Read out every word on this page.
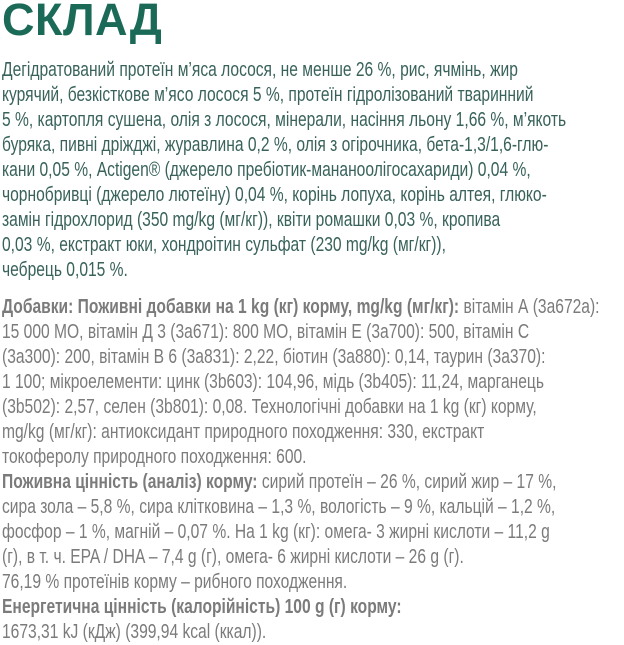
СКЛАД
Дегідратований протеїн м’яса лосося, не менше 26 %, рис, ячмінь, жир
курячий, безкісткове м’ясо лосося 5 %, протеїн гідролізований тваринний
5 %, картопля сушена, олія з лосося, мінерали, насіння льону 1,66 %, м’якоть
буряка, пивні дріжджі, журавлина 0,2 %, олія з огірочника, бета-1,3/1,6-глю-
кани 0,05 %, Actigen® (джерело пребіотик-мананоолігосахариди) 0,04 %,
чорнобривці (джерело лютеїну) 0,04 %, корінь лопуха, корінь алтея, глюко-
замін гідрохлорид (350 mg/kg (мг/кг)), квіти ромашки 0,03 %, кропива
0,03 %, екстракт юки, хондроітин сульфат (230 mg/kg (мг/кг)),
чебрець 0,015 %.
Добавки: Поживні добавки на 1 kg (кг) корму, mg/kg (мг/кг): вітамін А (3а672а):
15 000 МО, вітамін Д 3 (3а671): 800 МО, вітамін Е (3а700): 500, вітамін С
(3а300): 200, вітамін В 6 (3а831): 2,22, біотин (3а880): 0,14, таурин (3а370):
1 100; мікроелементи: цинк (3b603): 104,96, мідь (3b405): 11,24, марганець
(3b502): 2,57, селен (3b801): 0,08. Технологічні добавки на 1 kg (кг) корму,
mg/kg (мг/кг): антиоксидант природного походження: 330, екстракт
токоферолу природного походження: 600.
Поживна цінність (аналіз) корму: сирий протеїн – 26 %, сирий жир – 17 %,
сира зола – 5,8 %, сира клітковина – 1,3 %, вологість – 9 %, кальцій – 1,2 %,
фосфор – 1 %, магній – 0,07 %. На 1 kg (кг): омега- 3 жирні кислоти – 11,2 g
(г), в т. ч. EPA / DHA – 7,4 g (г), омега- 6 жирні кислоти – 26 g (г).
76,19 % протеїнів корму – рибного походження.
Енергетична цінність (калорійність) 100 g (г) корму:
1673,31 kJ (кДж) (399,94 kcal (ккал)).
